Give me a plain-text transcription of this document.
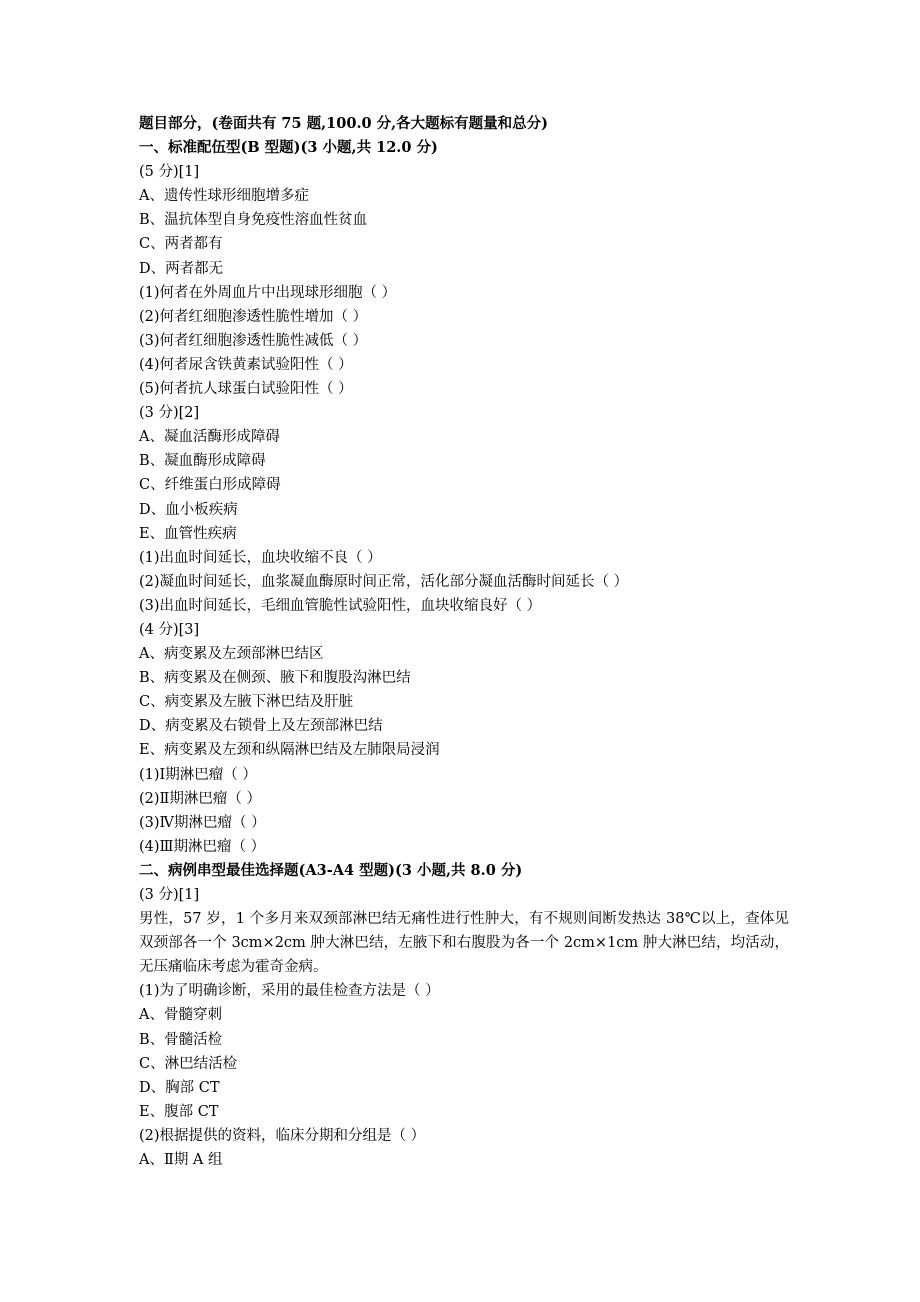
题目部分，(卷面共有 75 题,100.0 分,各大题标有题量和总分)
一、标准配伍型(B 型题)(3 小题,共 12.0 分)
(5 分)[1]
A、遗传性球形细胞增多症
B、温抗体型自身免疫性溶血性贫血
C、两者都有
D、两者都无
(1)何者在外周血片中出现球形细胞（ ）
(2)何者红细胞渗透性脆性增加（ ）
(3)何者红细胞渗透性脆性减低（ ）
(4)何者尿含铁黄素试验阳性（ ）
(5)何者抗人球蛋白试验阳性（ ）
(3 分)[2]
A、凝血活酶形成障碍
B、凝血酶形成障碍
C、纤维蛋白形成障碍
D、血小板疾病
E、血管性疾病
(1)出血时间延长，血块收缩不良（ ）
(2)凝血时间延长，血浆凝血酶原时间正常，活化部分凝血活酶时间延长（ ）
(3)出血时间延长，毛细血管脆性试验阳性，血块收缩良好（ ）
(4 分)[3]
A、病变累及左颈部淋巴结区
B、病变累及在侧颈、腋下和腹股沟淋巴结
C、病变累及左腋下淋巴结及肝脏
D、病变累及右锁骨上及左颈部淋巴结
E、病变累及左颈和纵隔淋巴结及左肺限局浸润
(1)Ⅰ期淋巴瘤（ ）
(2)Ⅱ期淋巴瘤（ ）
(3)Ⅳ期淋巴瘤（ ）
(4)Ⅲ期淋巴瘤（ ）
二、病例串型最佳选择题(A3-A4 型题)(3 小题,共 8.0 分)
(3 分)[1]
男性，57 岁，1 个多月来双颈部淋巴结无痛性进行性肿大，有不规则间断发热达 38℃以上，查体见双颈部各一个 3cm×2cm 肿大淋巴结，左腋下和右腹股为各一个 2cm×1cm 肿大淋巴结，均活动，无压痛临床考虑为霍奇金病。
(1)为了明确诊断，采用的最佳检查方法是（ ）
A、骨髓穿刺
B、骨髓活检
C、淋巴结活检
D、胸部 CT
E、腹部 CT
(2)根据提供的资料，临床分期和分组是（ ）
A、Ⅱ期 A 组
